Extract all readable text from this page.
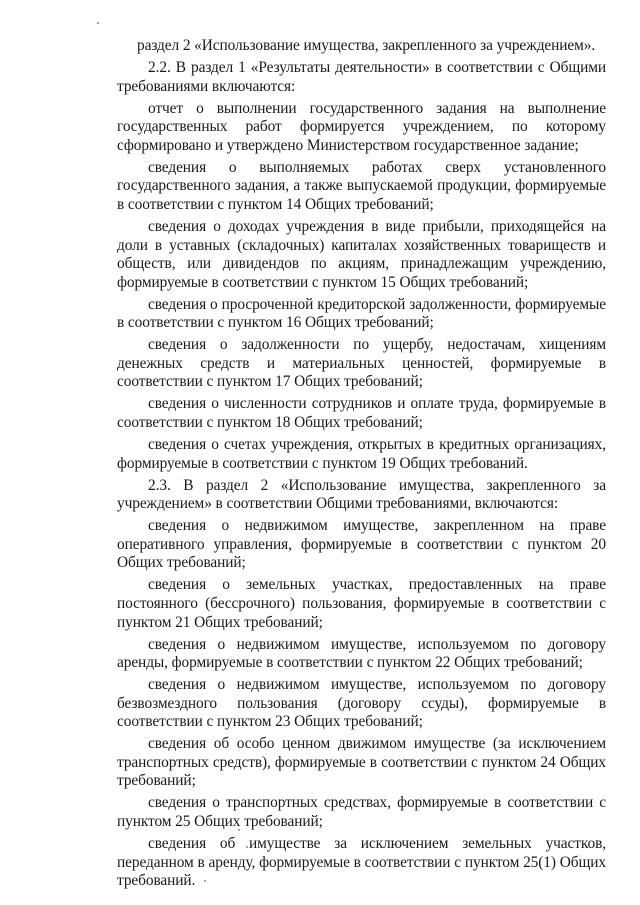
раздел 2 «Использование имущества, закрепленного за учреждением».

2.2. В раздел 1 «Результаты деятельности» в соответствии с Общими требованиями включаются:

отчет о выполнении государственного задания на выполнение государственных работ формируется учреждением, по которому сформировано и утверждено Министерством государственное задание;

сведения о выполняемых работах сверх установленного государственного задания, а также выпускаемой продукции, формируемые в соответствии с пунктом 14 Общих требований;

сведения о доходах учреждения в виде прибыли, приходящейся на доли в уставных (складочных) капиталах хозяйственных товариществ и обществ, или дивидендов по акциям, принадлежащим учреждению, формируемые в соответствии с пунктом 15 Общих требований;

сведения о просроченной кредиторской задолженности, формируемые в соответствии с пунктом 16 Общих требований;

сведения о задолженности по ущербу, недостачам, хищениям денежных средств и материальных ценностей, формируемые в соответствии с пунктом 17 Общих требований;

сведения о численности сотрудников и оплате труда, формируемые в соответствии с пунктом 18 Общих требований;

сведения о счетах учреждения, открытых в кредитных организациях, формируемые в соответствии с пунктом 19 Общих требований.

2.3. В раздел 2 «Использование имущества, закрепленного за учреждением» в соответствии Общими требованиями, включаются:

сведения о недвижимом имуществе, закрепленном на праве оперативного управления, формируемые в соответствии с пунктом 20 Общих требований;

сведения о земельных участках, предоставленных на праве постоянного (бессрочного) пользования, формируемые в соответствии с пунктом 21 Общих требований;

сведения о недвижимом имуществе, используемом по договору аренды, формируемые в соответствии с пунктом 22 Общих требований;

сведения о недвижимом имуществе, используемом по договору безвозмездного пользования (договору ссуды), формируемые в соответствии с пунктом 23 Общих требований;

сведения об особо ценном движимом имуществе (за исключением транспортных средств), формируемые в соответствии с пунктом 24 Общих требований;

сведения о транспортных средствах, формируемые в соответствии с пунктом 25 Общих требований;

сведения об имуществе за исключением земельных участков, переданном в аренду, формируемые в соответствии с пунктом 25(1) Общих требований.
